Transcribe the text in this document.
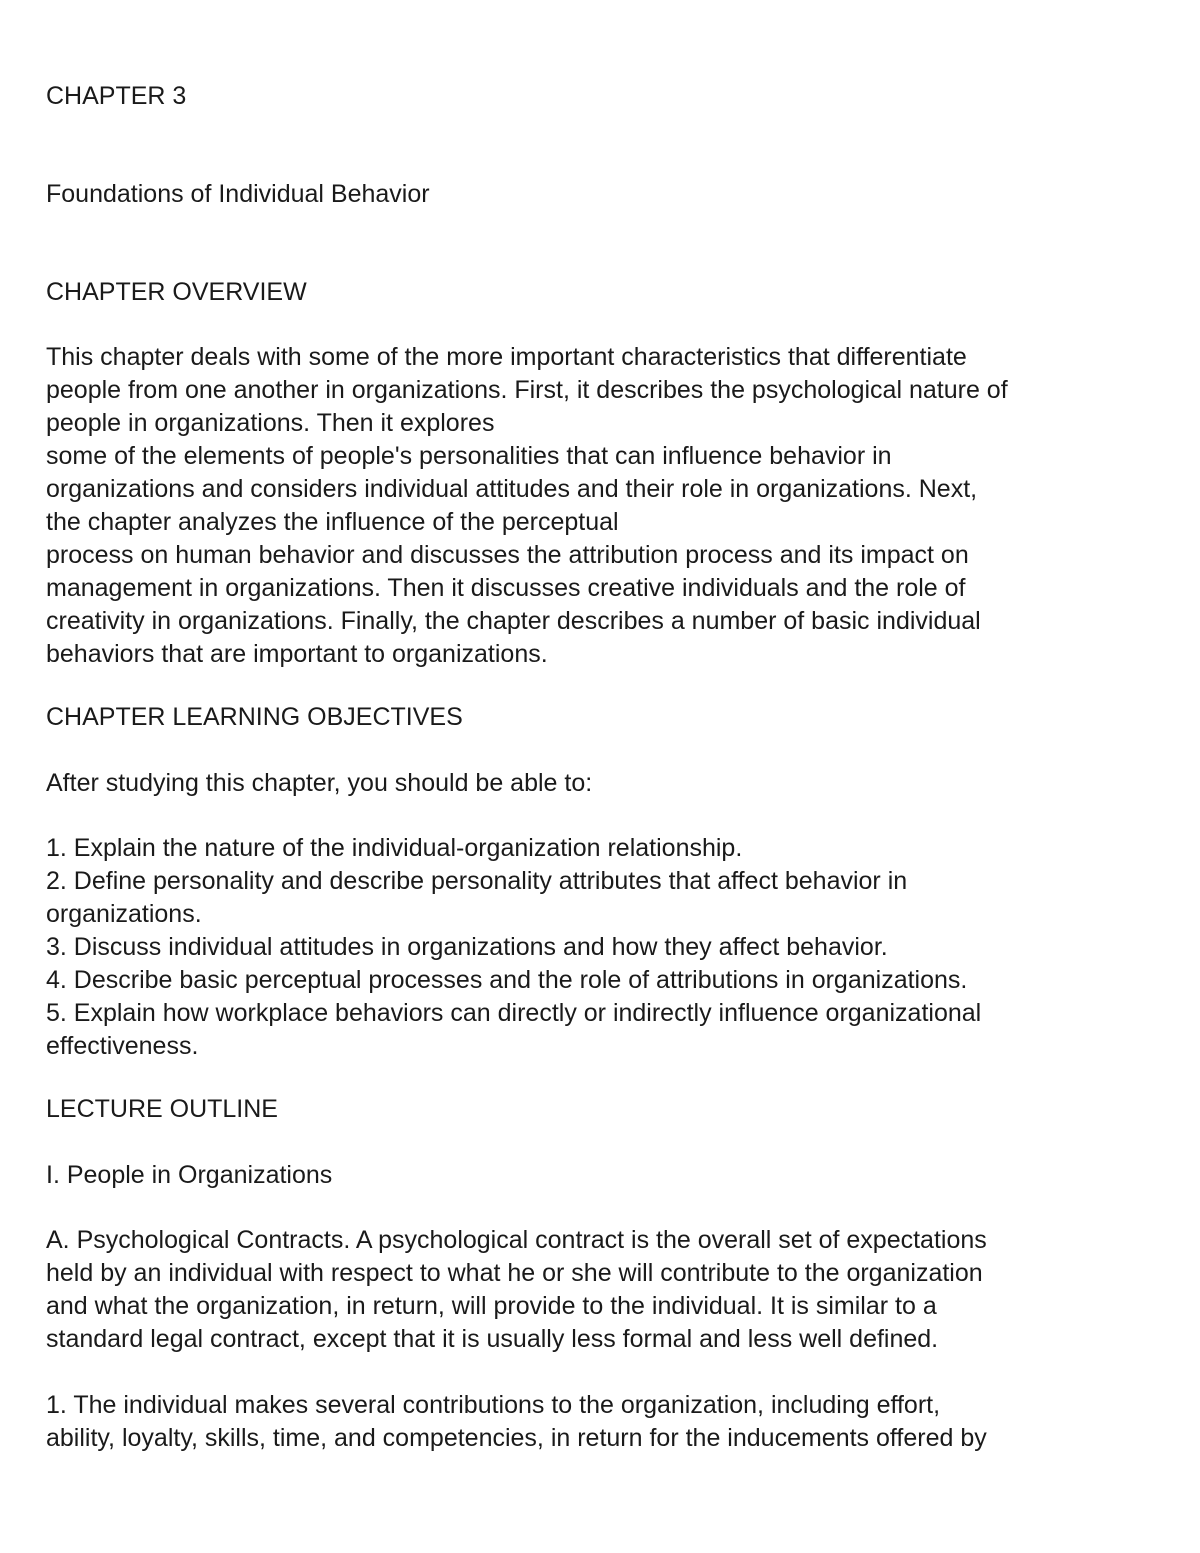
CHAPTER 3

Foundations of Individual Behavior

CHAPTER OVERVIEW

This chapter deals with some of the more important characteristics that differentiate
people from one another in organizations. First, it describes the psychological nature of
people in organizations. Then it explores
some of the elements of people's personalities that can influence behavior in
organizations and considers individual attitudes and their role in organizations. Next,
the chapter analyzes the influence of the perceptual
process on human behavior and discusses the attribution process and its impact on
management in organizations. Then it discusses creative individuals and the role of
creativity in organizations. Finally, the chapter describes a number of basic individual
behaviors that are important to organizations.

CHAPTER LEARNING OBJECTIVES

After studying this chapter, you should be able to:

1. Explain the nature of the individual-organization relationship.
2. Define personality and describe personality attributes that affect behavior in
organizations.
3. Discuss individual attitudes in organizations and how they affect behavior.
4. Describe basic perceptual processes and the role of attributions in organizations.
5. Explain how workplace behaviors can directly or indirectly influence organizational
effectiveness.

LECTURE OUTLINE

I. People in Organizations

A. Psychological Contracts. A psychological contract is the overall set of expectations
held by an individual with respect to what he or she will contribute to the organization
and what the organization, in return, will provide to the individual. It is similar to a
standard legal contract, except that it is usually less formal and less well defined.
1. The individual makes several contributions to the organization, including effort,
ability, loyalty, skills, time, and competencies, in return for the inducements offered by
